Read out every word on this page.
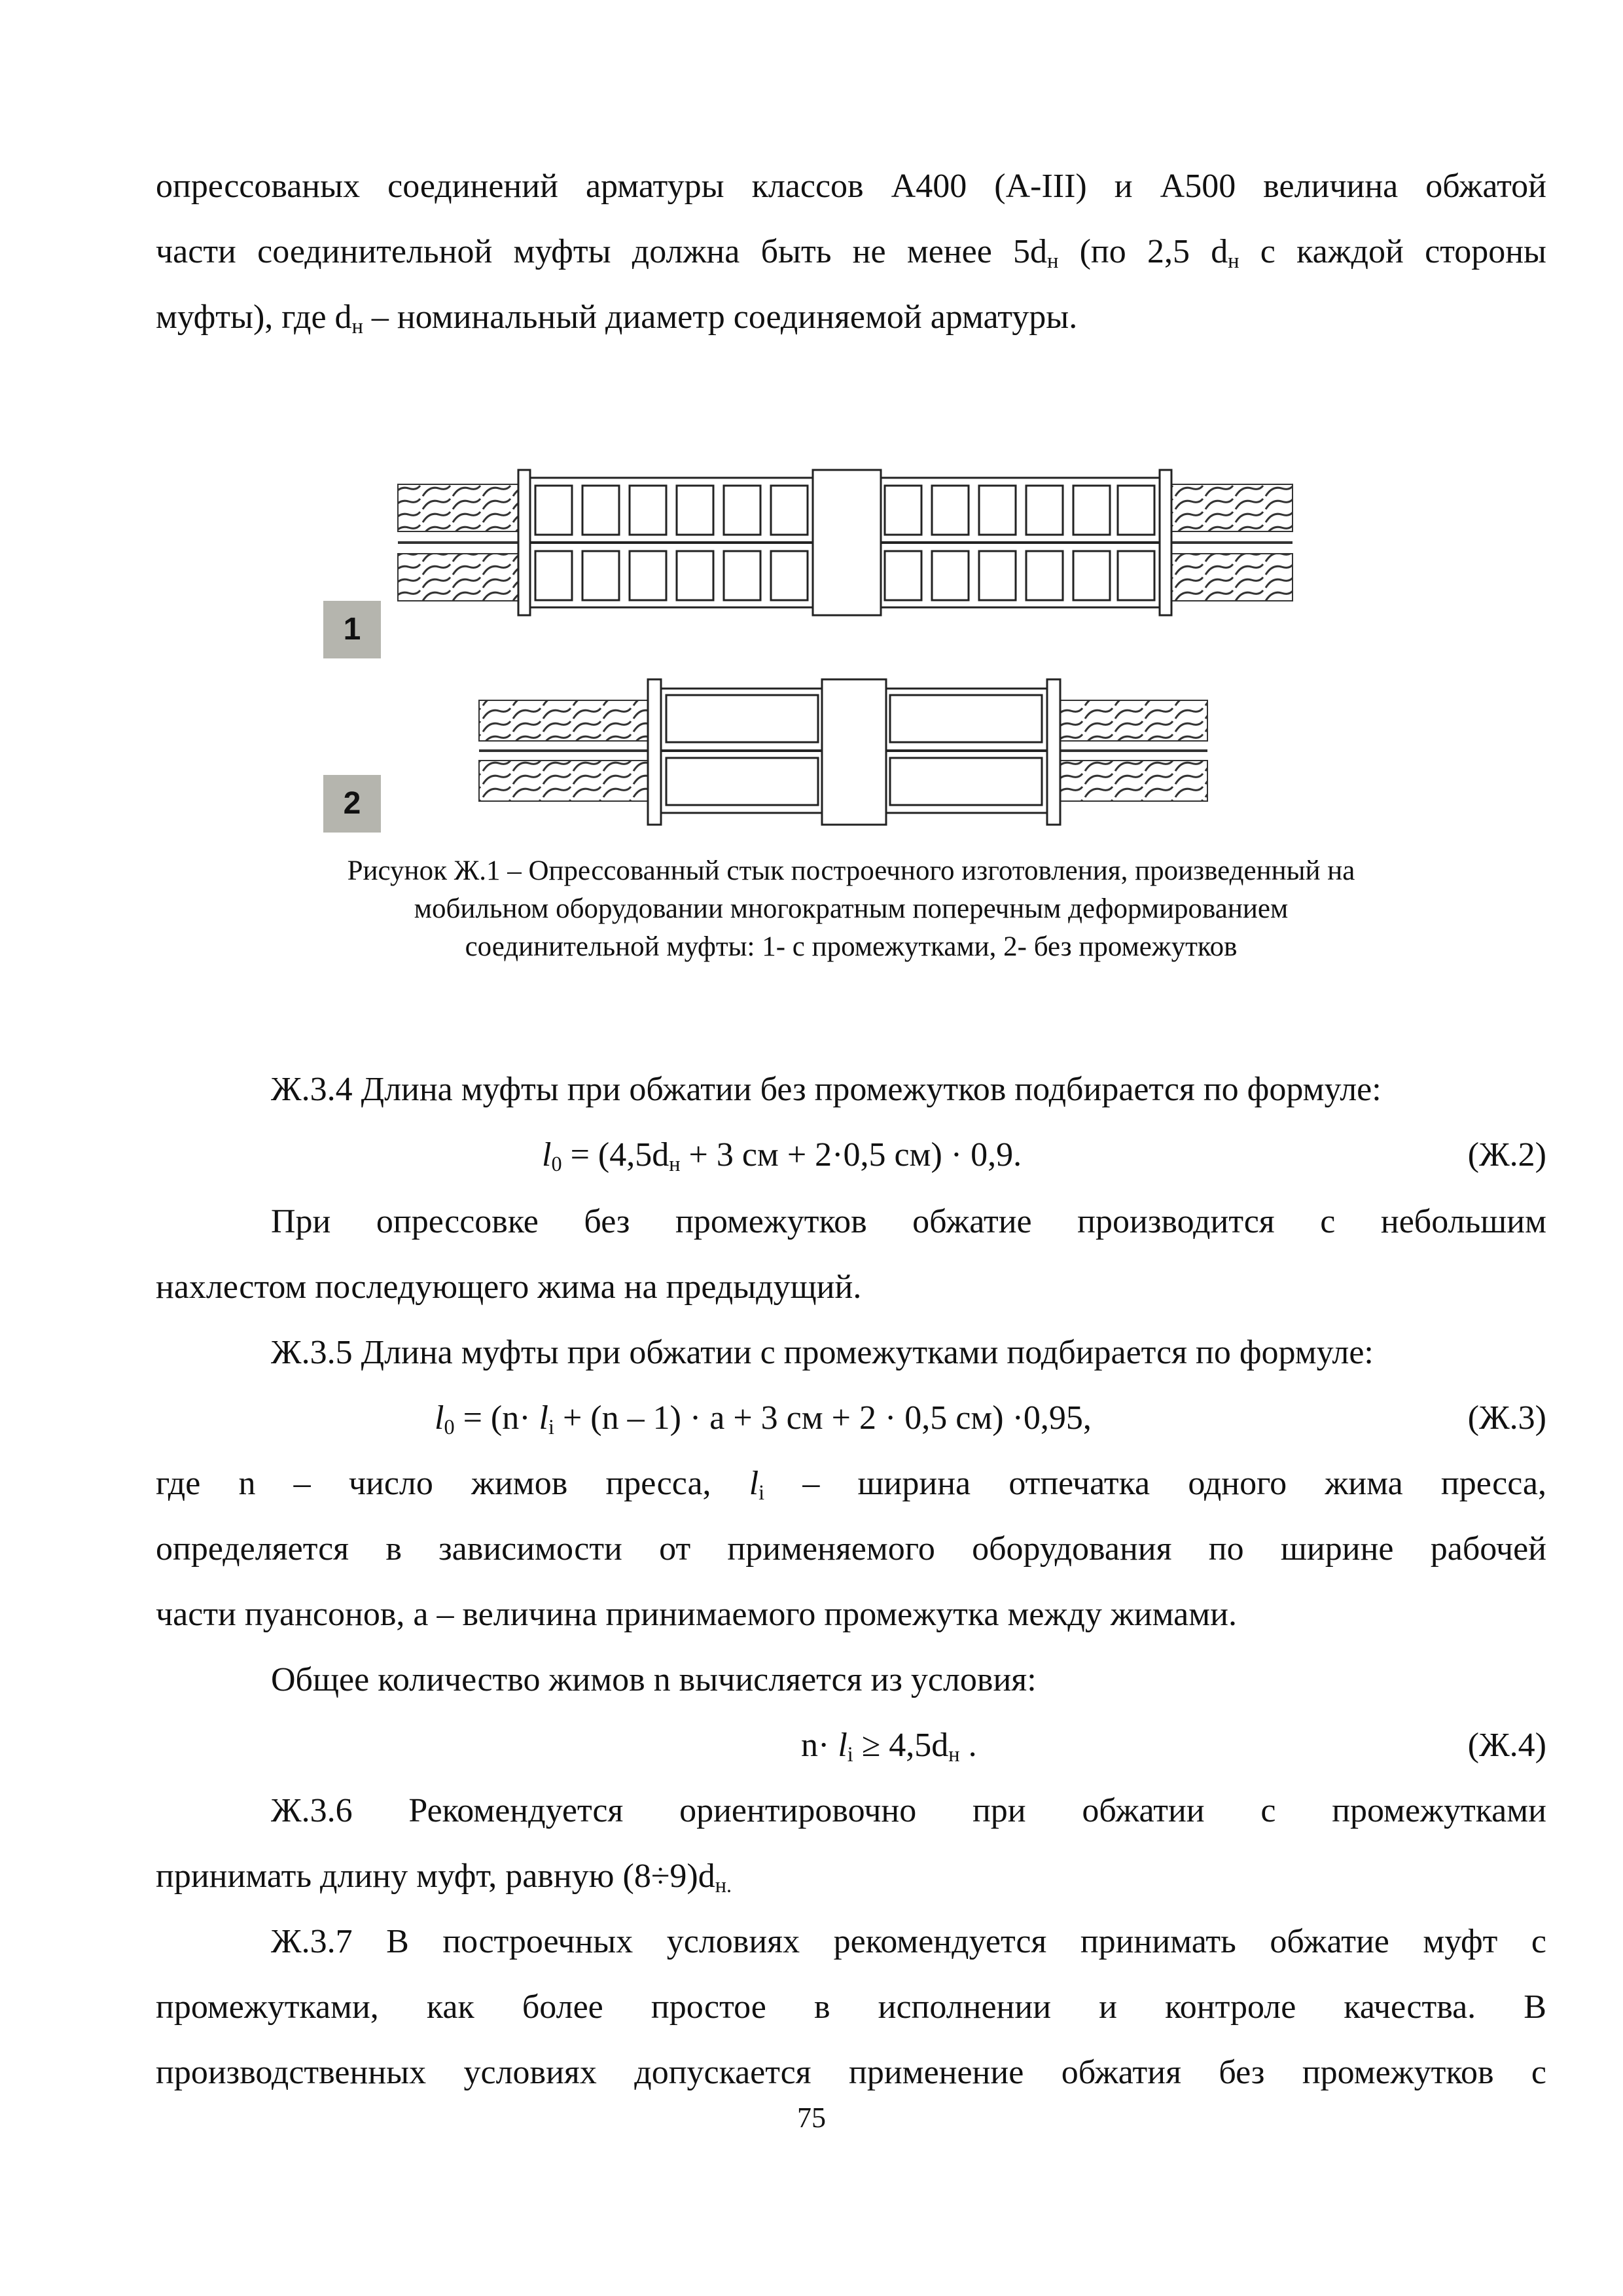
опрессованых соединений арматуры классов А400 (А-III) и А500 величина обжатой
части соединительной муфты должна быть не менее $5d_н$ (по 2,5 $d_н$ с каждой стороны
муфты), где $d_н$ – номинальный диаметр соединяемой арматуры.
1
2
Рисунок Ж.1 – Опрессованный стык построечного изготовления, произведенный на
мобильном оборудовании многократным поперечным деформированием
соединительной муфты: 1- с промежутками, 2- без промежутков
Ж.3.4 Длина муфты при обжатии без промежутков подбирается по формуле:
$l_0 = (4,5d_н + 3$ см + 2·0,5 см) · 0,9.	(Ж.2)
При опрессовке без промежутков обжатие производится с небольшим
нахлестом последующего жима на предыдущий.
Ж.3.5 Длина муфты при обжатии с промежутками подбирается по формуле:
$l_0 = (n\cdot l_i + (n - 1) \cdot a + 3$ см + 2 · 0,5 см) ·0,95,	(Ж.3)
где n – число жимов пресса, $l_i$ – ширина отпечатка одного жима пресса,
определяется в зависимости от применяемого оборудования по ширине рабочей
части пуансонов, а – величина принимаемого промежутка между жимами.
Общее количество жимов n вычисляется из условия:
$n\cdot l_i \ge 4,5d_н$ .	(Ж.4)
Ж.3.6 Рекомендуется ориентировочно при обжатии с промежутками
принимать длину муфт, равную $(8\div 9)d_{н.}$
Ж.3.7 В построечных условиях рекомендуется принимать обжатие муфт с
промежутками, как более простое в исполнении и контроле качества. В
производственных условиях допускается применение обжатия без промежутков с
75
